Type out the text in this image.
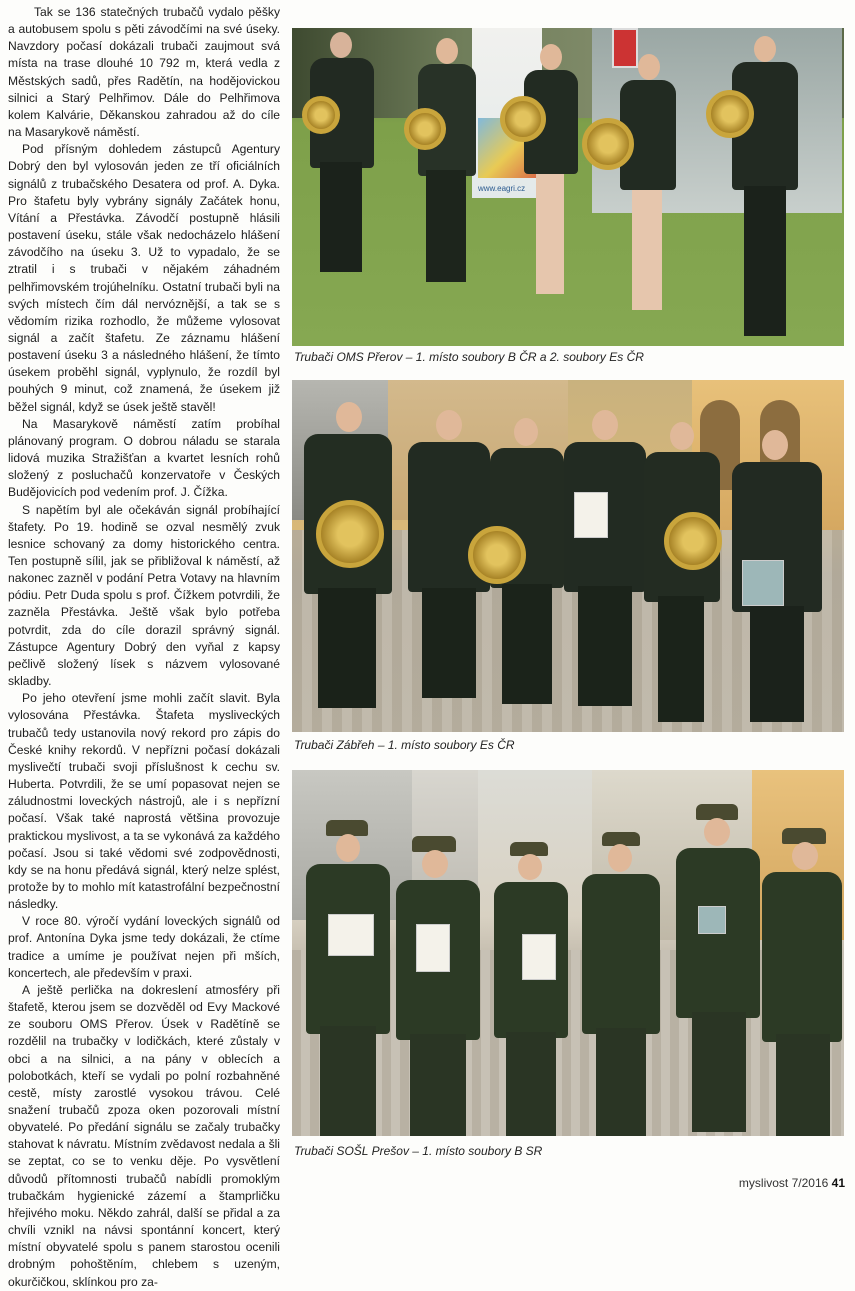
Tak se 136 statečných trubačů vydalo pěšky a autobusem spolu s pěti závodčími na své úseky. Navzdory počasí dokázali trubači zaujmout svá místa na trase dlouhé 10 792 m, která vedla z Městských sadů, přes Radětín, na hodějovickou silnici a Starý Pelhřimov. Dále do Pelhřimova kolem Kalvárie, Děkanskou zahradou až do cíle na Masarykově náměstí.

Pod přísným dohledem zástupců Agentury Dobrý den byl vylosován jeden ze tří oficiálních signálů z trubačského Desatera od prof. A. Dyka. Pro štafetu byly vybrány signály Začátek honu, Vítání a Přestávka. Závodčí postupně hlásili postavení úseku, stále však nedocházelo hlášení závodčího na úseku 3. Už to vypadalo, že se ztratil i s trubači v nějakém záhadném pelhřimovském trojúhelníku. Ostatní trubači byli na svých místech čím dál nervóznější, a tak se s vědomím rizika rozhodlo, že můžeme vylosovat signál a začít štafetu. Ze záznamu hlášení postavení úseku 3 a následného hlášení, že tímto úsekem proběhl signál, vyplynulo, že rozdíl byl pouhých 9 minut, což znamená, že úsekem již běžel signál, když se úsek ještě stavěl!

Na Masarykově náměstí zatím probíhal plánovaný program. O dobrou náladu se starala lidová muzika Stražišťan a kvartet lesních rohů složený z posluchačů konzervatoře v Českých Budějovicích pod vedením prof. J. Čížka.

S napětím byl ale očekáván signál probíhající štafety. Po 19. hodině se ozval nesmělý zvuk lesnice schovaný za domy historického centra. Ten postupně sílil, jak se přibližoval k náměstí, až nakonec zazněl v podání Petra Votavy na hlavním pódiu. Petr Duda spolu s prof. Čížkem potvrdili, že zazněla Přestávka. Ještě však bylo potřeba potvrdit, zda do cíle dorazil správný signál. Zástupce Agentury Dobrý den vyňal z kapsy pečlivě složený lísek s názvem vylosované skladby.

Po jeho otevření jsme mohli začít slavit. Byla vylosována Přestávka. Štafeta mysliveckých trubačů tedy ustanovila nový rekord pro zápis do České knihy rekordů. V nepřízni počasí dokázali myslivečtí trubači svoji příslušnost k cechu sv. Huberta. Potvrdili, že se umí popasovat nejen se záludnostmi loveckých nástrojů, ale i s nepřízní počasí. Však také naprostá většina provozuje praktickou myslivost, a ta se vykonává za každého počasí. Jsou si také vědomi své zodpovědnosti, kdy se na honu předává signál, který nelze splést, protože by to mohlo mít katastrofální bezpečnostní následky.

V roce 80. výročí vydání loveckých signálů od prof. Antonína Dyka jsme tedy dokázali, že ctíme tradice a umíme je používat nejen při mších, koncertech, ale především v praxi.

A ještě perlička na dokreslení atmosféry při štafetě, kterou jsem se dozvěděl od Evy Mackové ze souboru OMS Přerov. Úsek v Radětíně se rozdělil na trubačky v lodičkách, které zůstaly v obci a na silnici, a na pány v oblecích a polobotkách, kteří se vydali po polní rozbahněné cestě, místy zarostlé vysokou trávou. Celé snažení trubačů zpoza oken pozorovali místní obyvatelé. Po předání signálu se začaly trubačky stahovat k návratu. Místním zvědavost nedala a šli se zeptat, co se to venku děje. Po vysvětlení důvodů přítomnosti trubačů nabídli promoklým trubačkám hygienické zázemí a štamprličku hřejivého moku. Někdo zahrál, další se přidal a za chvíli vznikl na návsi spontánní koncert, který místní obyvatelé spolu s panem starostou ocenili drobným pohoštěním, chlebem s uzeným, okurčičkou, sklínkou pro za-

www.eagri.cz
Trubači OMS Přerov – 1. místo soubory B ČR a 2. soubory Es ČR
Trubači Zábřeh – 1. místo soubory Es ČR
Trubači SOŠL Prešov – 1. místo soubory B SR
myslivost 7/2016 41
